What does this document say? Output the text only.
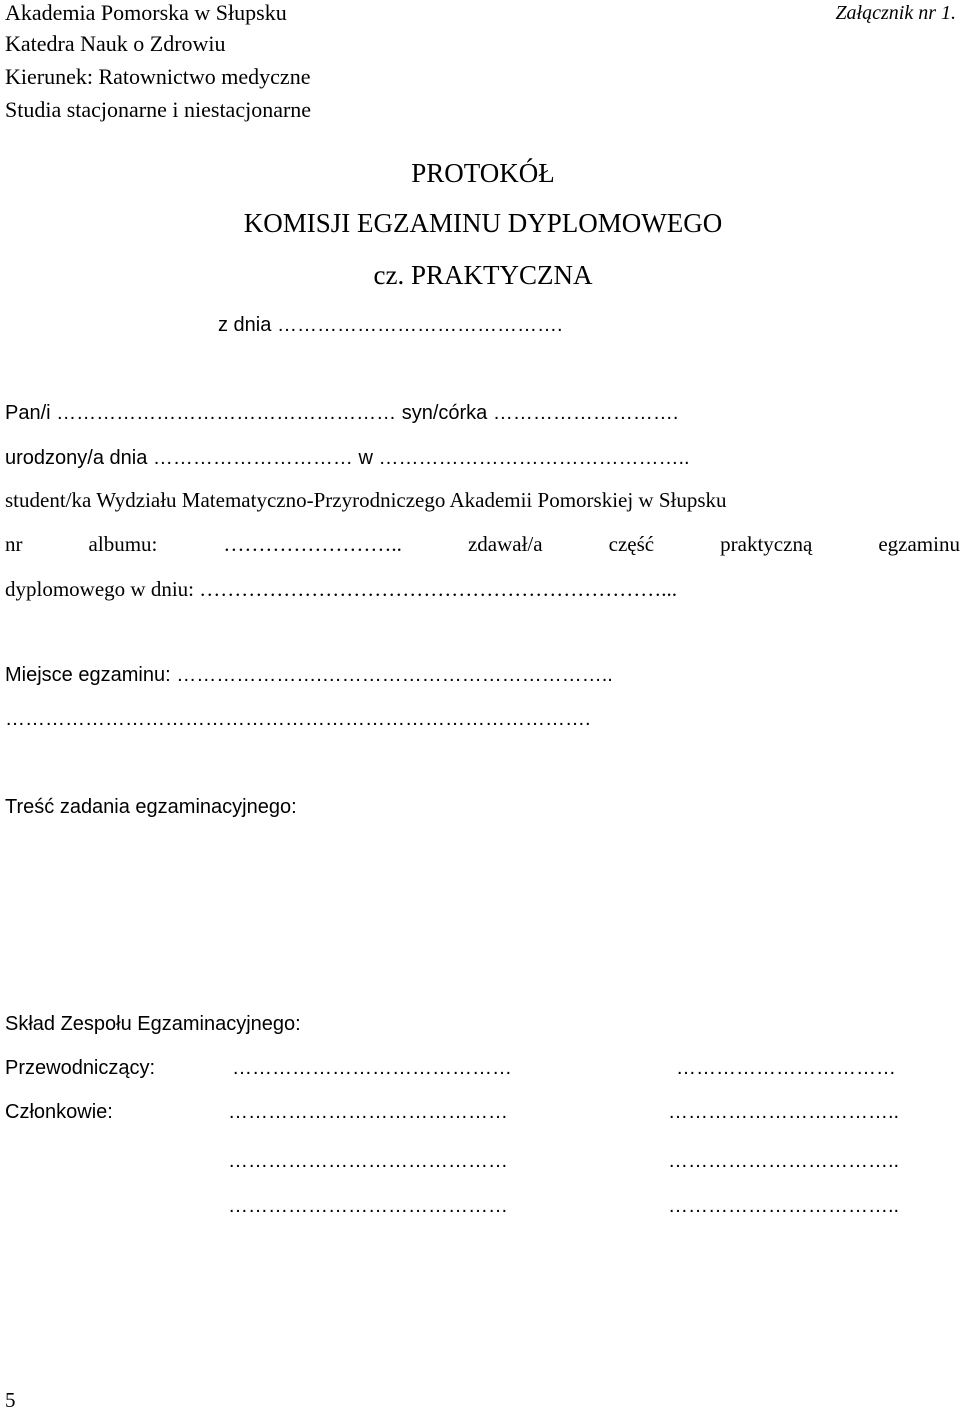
Akademia Pomorska w Słupsku
Katedra Nauk o Zdrowiu
Kierunek: Ratownictwo medyczne
Studia stacjonarne i niestacjonarne
Załącznik nr 1.
PROTOKÓŁ
KOMISJI EGZAMINU DYPLOMOWEGO
cz. PRAKTYCZNA
z dnia …………………………………….
Pan/i …………………………………………… syn/córka ……………………….
urodzony/a dnia ………………………… w ………………………………………..
student/ka Wydziału Matematyczno-Przyrodniczego Akademii Pomorskiej w Słupsku
nr	albumu:	……………………..	zdawał/a	część	praktyczną	egzaminu
dyplomowego w dniu: …………………………………………………………...
Miejsce egzaminu: ………………….……………………………………..
…………………………………………………………………………….
Treść zadania egzaminacyjnego:
Skład Zespołu Egzaminacyjnego:
Przewodniczący:	……………………………………	……………………………
Członkowie:	……………………………………	……………………………..
……………………………………	……………………………..
……………………………………	……………………………..
5
